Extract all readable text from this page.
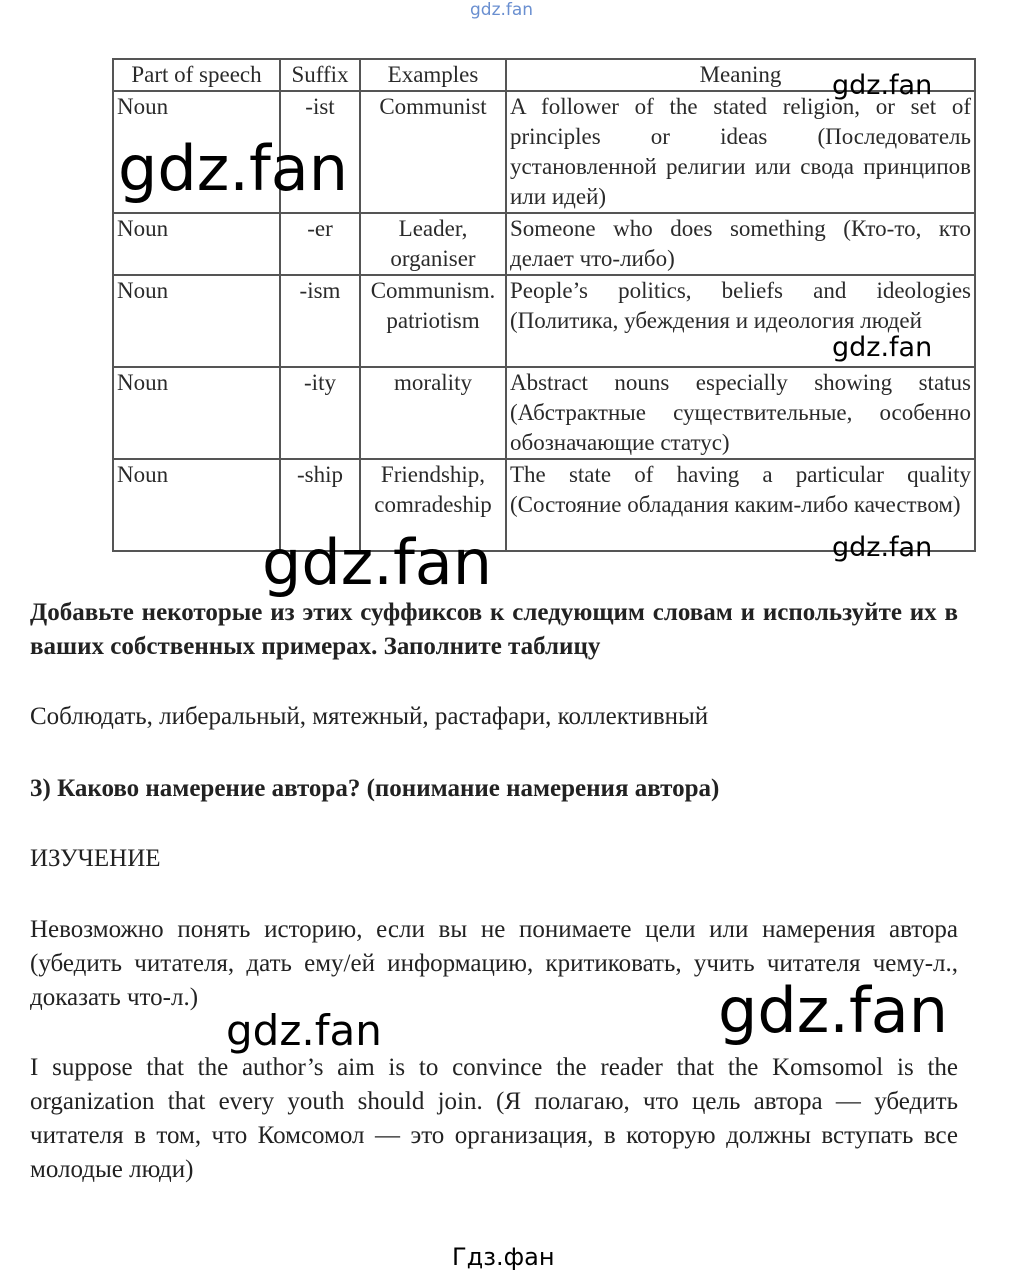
gdz.fan
Part of speech	Suffix	Examples	Meaning
Noun	-ist	Communist	A follower of the stated religion, or set of principles or ideas (Последователь установленной религии или свода принципов или идей)
Noun	-er	Leader, organiser	Someone who does something (Кто-то, кто делает что-либо)
Noun	-ism	Communism. patriotism	People’s politics, beliefs and ideologies (Политика, убеждения и идеология людей
Noun	-ity	morality	Abstract nouns especially showing status (Абстрактные существительные, особенно обозначающие статус)
Noun	-ship	Friendship, comradeship	The state of having a particular quality (Состояние обладания каким-либо качеством)
gdz.fan
gdz.fan
gdz.fan
gdz.fan	gdz.fan
Добавьте некоторые из этих суффиксов к следующим словам и используйте их в ваших собственных примерах. Заполните таблицу
Соблюдать, либеральный, мятежный, растафари, коллективный
3) Каково намерение автора? (понимание намерения автора)
ИЗУЧЕНИЕ
Невозможно понять историю, если вы не понимаете цели или намерения автора (убедить читателя, дать ему/ей информацию, критиковать, учить читателя чему-л., доказать что-л.)	gdz.fan
gdz.fan
I suppose that the author’s aim is to convince the reader that the Komsomol is the organization that every youth should join. (Я полагаю, что цель автора — убедить читателя в том, что Комсомол — это организация, в которую должны вступать все молодые люди)
Гдз.фан
